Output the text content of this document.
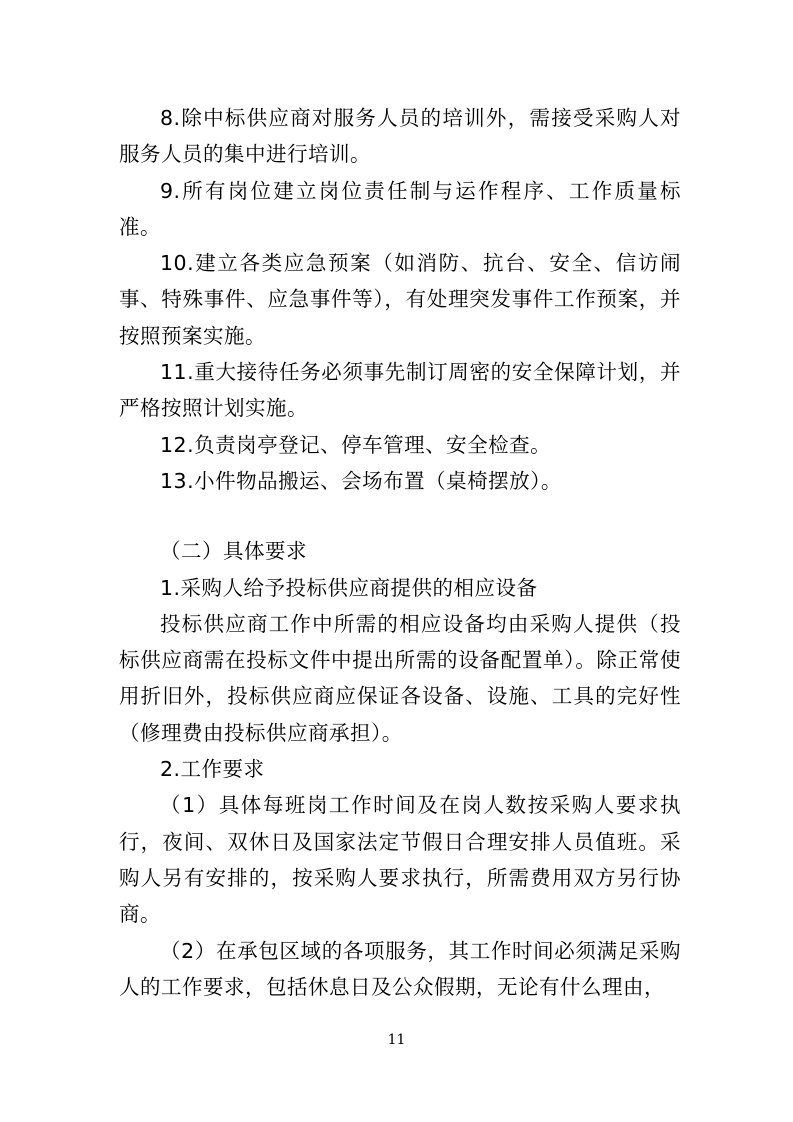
8.除中标供应商对服务人员的培训外，需接受采购人对服务人员的集中进行培训。

9.所有岗位建立岗位责任制与运作程序、工作质量标准。

10.建立各类应急预案（如消防、抗台、安全、信访闹事、特殊事件、应急事件等），有处理突发事件工作预案，并按照预案实施。

11.重大接待任务必须事先制订周密的安全保障计划，并严格按照计划实施。

12.负责岗亭登记、停车管理、安全检查。

13.小件物品搬运、会场布置（桌椅摆放）。

（二）具体要求

1.采购人给予投标供应商提供的相应设备

投标供应商工作中所需的相应设备均由采购人提供（投标供应商需在投标文件中提出所需的设备配置单）。除正常使用折旧外，投标供应商应保证各设备、设施、工具的完好性（修理费由投标供应商承担）。

2.工作要求

（1）具体每班岗工作时间及在岗人数按采购人要求执行，夜间、双休日及国家法定节假日合理安排人员值班。采购人另有安排的，按采购人要求执行，所需费用双方另行协商。

（2）在承包区域的各项服务，其工作时间必须满足采购人的工作要求，包括休息日及公众假期，无论有什么理由，

11
